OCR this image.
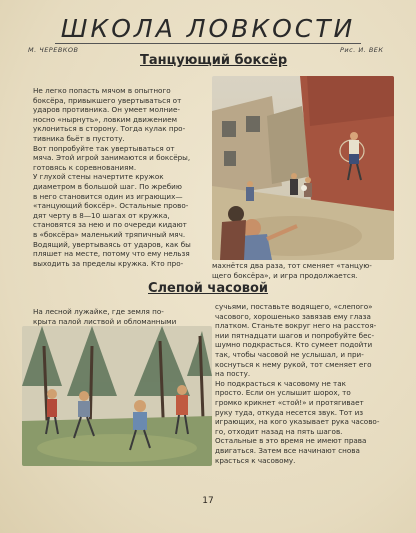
ШКОЛА ЛОВКОСТИ
М. ЧЕРЕВКОВ	Рис. И. ВЕК
Танцующий боксёр
Не легко попасть мячом в опытного
боксёра, привыкшего увертываться от
ударов противника. Он умеет молние-
носно «нырнуть», ловким движением
уклониться в сторону. Тогда кулак про-
тивника бьёт в пустоту.
Вот попробуйте так увертываться от
мяча. Этой игрой занимаются и боксёры,
готовясь к соревнованиям.
У глухой стены начертите кружок
диаметром в большой шаг. По жребию
в него становится один из играющих—
«танцующий боксёр». Остальные прово-
дят черту в 8—10 шагах от кружка,
становятся за нею и по очереди кидают
в «боксёра» маленький тряпичный мяч.
Водящий, увертываясь от ударов, как бы
пляшет на месте, потому что ему нельзя
выходить за пределы кружка. Кто про-	махнётся два раза, тот сменяет «танцую-
щего боксёра», и игра продолжается.
Слепой часовой
На лесной лужайке, где земля по-
крыта палой листвой и обломанными
сучьями, поставьте водящего, «слепого»
часового, хорошенько завязав ему глаза
платком. Станьте вокруг него на расстоя-
нии пятнадцати шагов и попробуйте бес-
шумно подкрасться. Кто сумеет подойти
так, чтобы часовой не услышал, и при-
коснуться к нему рукой, тот сменяет его
на посту.
Но подкрасться к часовому не так
просто. Если он услышит шорох, то
громко крикнет «стой!» и протягивает
руку туда, откуда несется звук. Тот из
играющих, на кого указывает рука часово-
го, отходит назад на пять шагов.
Остальные в это время не имеют права
двигаться. Затем все начинают снова
красться к часовому.
17
